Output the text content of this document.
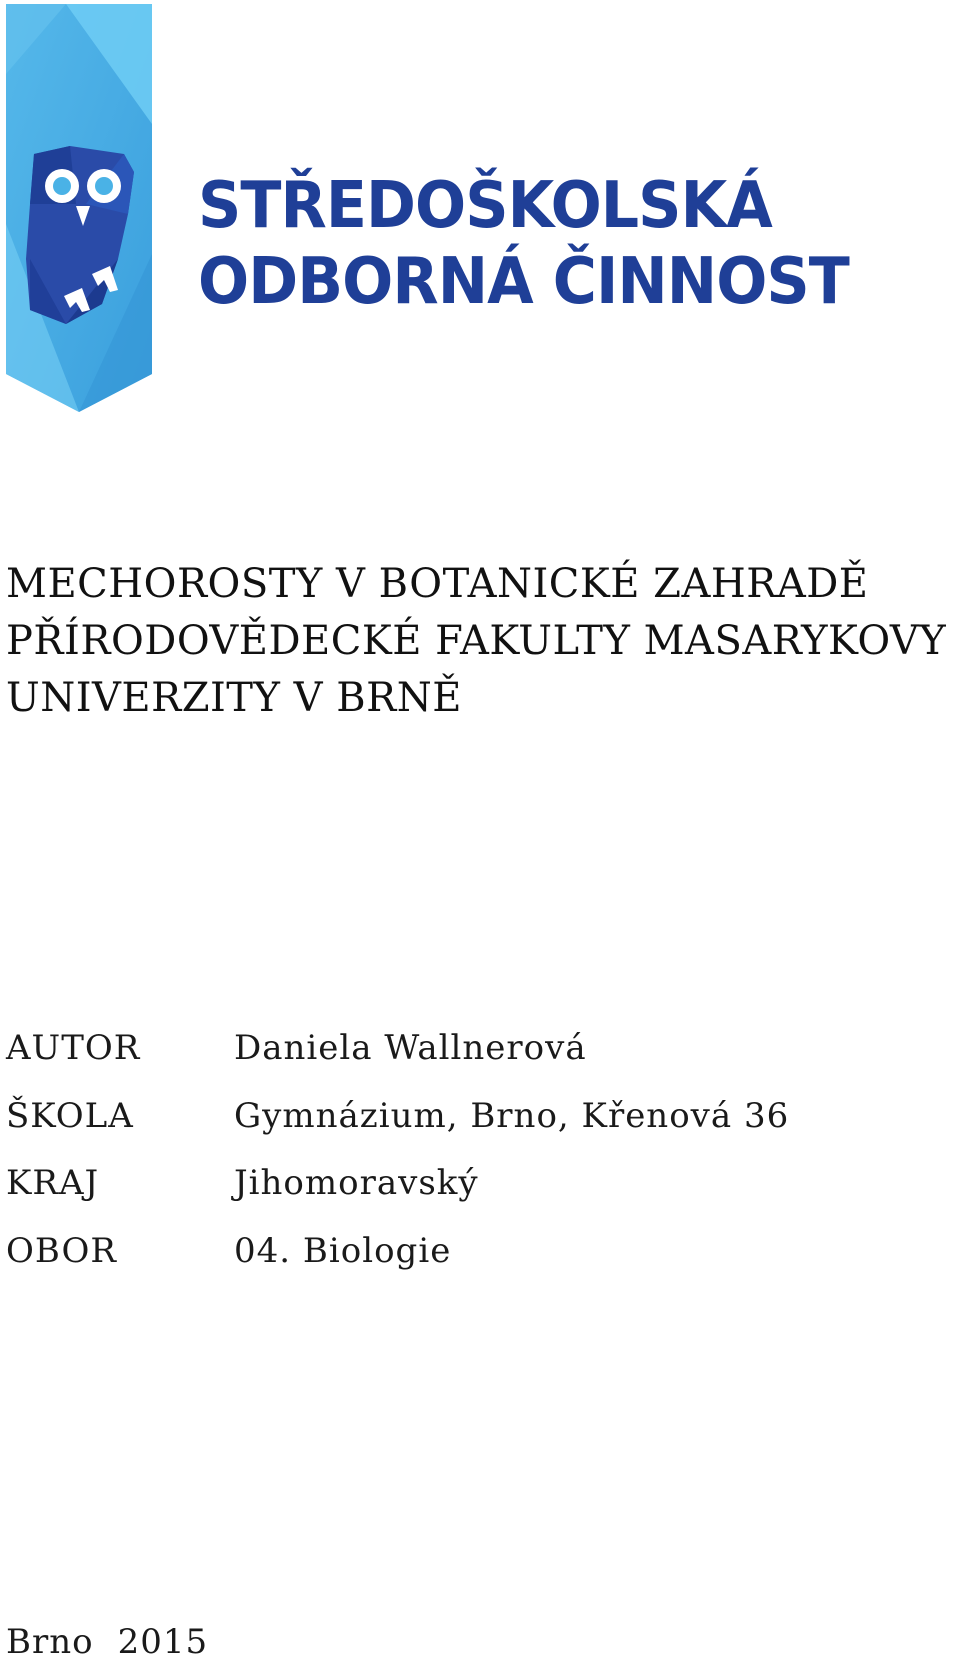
STŘEDOŠKOLSKÁ
ODBORNÁ ČINNOST
MECHOROSTY V BOTANICKÉ ZAHRADĚ
PŘÍRODOVĚDECKÉ FAKULTY MASARYKOVY
UNIVERZITY V BRNĚ
AUTOR	Daniela Wallnerová
ŠKOLA	Gymnázium, Brno, Křenová 36
KRAJ	Jihomoravský
OBOR	04. Biologie
Brno 2015
